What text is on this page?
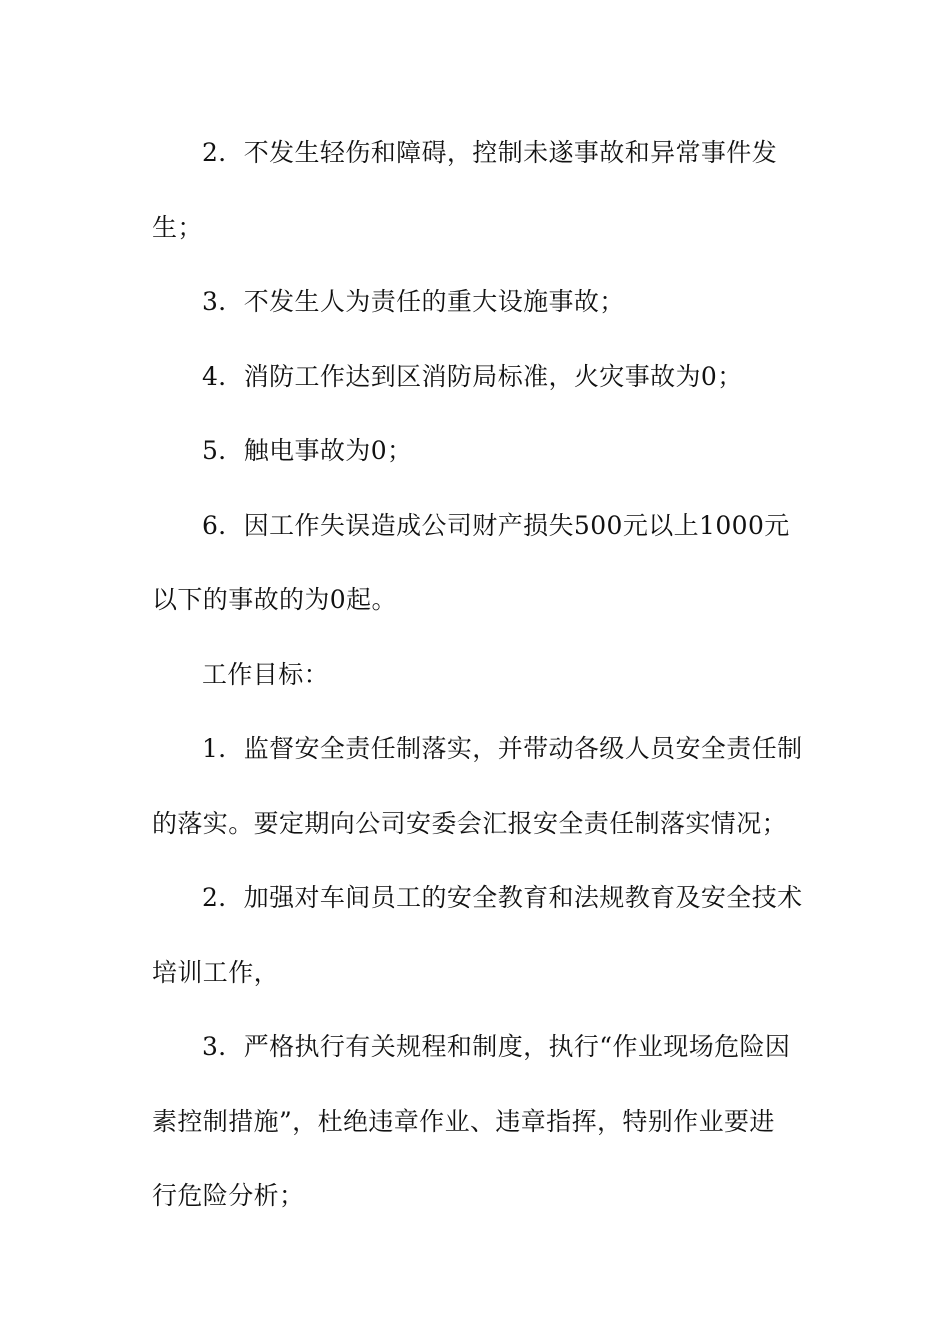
2．不发生轻伤和障碍，控制未遂事故和异常事件发
生；
3．不发生人为责任的重大设施事故；
4．消防工作达到区消防局标准，火灾事故为0；
5．触电事故为0；
6．因工作失误造成公司财产损失500元以上1000元
以下的事故的为0起。
工作目标：
1．监督安全责任制落实，并带动各级人员安全责任制
的落实。要定期向公司安委会汇报安全责任制落实情况；
2．加强对车间员工的安全教育和法规教育及安全技术
培训工作，
3．严格执行有关规程和制度，执行“作业现场危险因
素控制措施”，杜绝违章作业、违章指挥，特别作业要进
行危险分析；
